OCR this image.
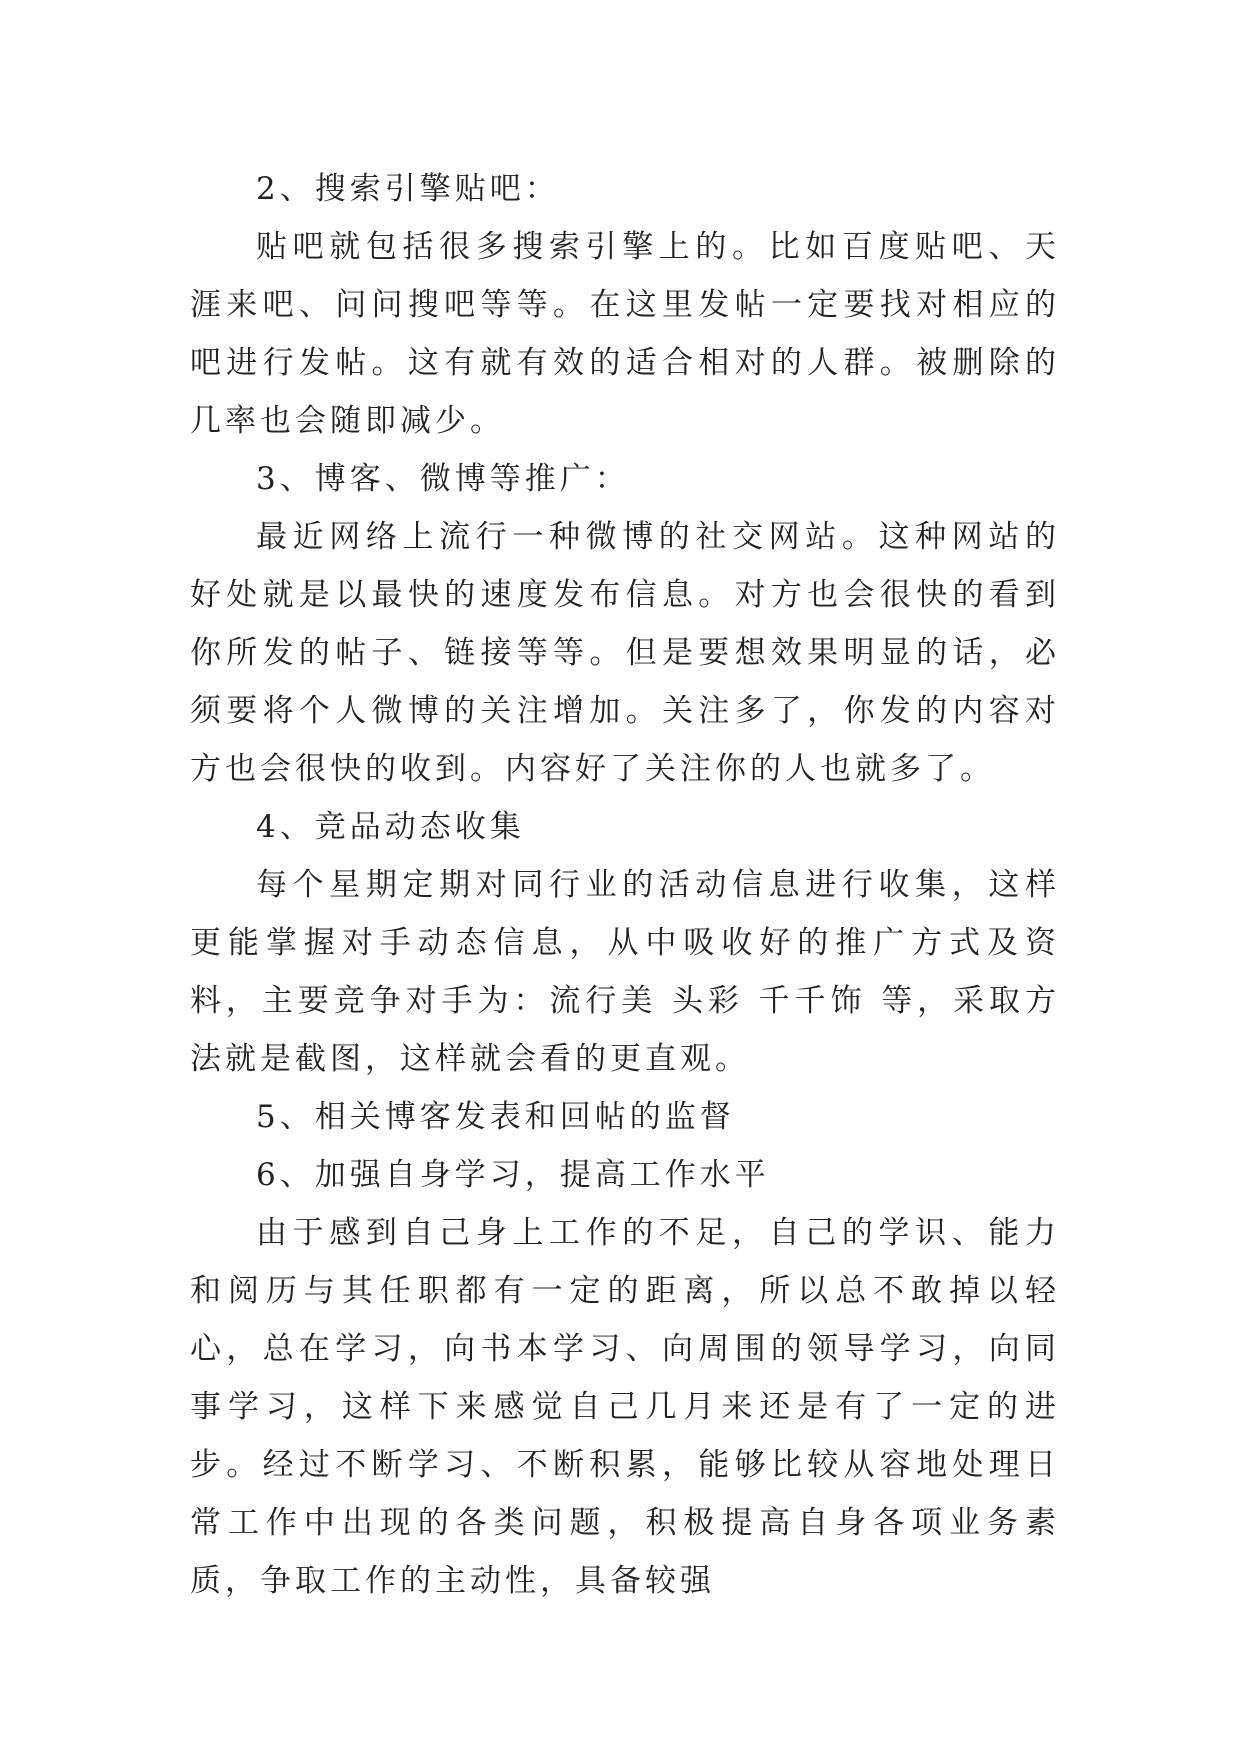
2、搜索引擎贴吧：

贴吧就包括很多搜索引擎上的。比如百度贴吧、天涯来吧、问问搜吧等等。在这里发帖一定要找对相应的吧进行发帖。这有就有效的适合相对的人群。被删除的几率也会随即减少。

3、博客、微博等推广：

最近网络上流行一种微博的社交网站。这种网站的好处就是以最快的速度发布信息。对方也会很快的看到你所发的帖子、链接等等。但是要想效果明显的话，必须要将个人微博的关注增加。关注多了，你发的内容对方也会很快的收到。内容好了关注你的人也就多了。

4、竞品动态收集

每个星期定期对同行业的活动信息进行收集，这样更能掌握对手动态信息，从中吸收好的推广方式及资料，主要竞争对手为：流行美 头彩 千千饰 等，采取方法就是截图，这样就会看的更直观。

5、相关博客发表和回帖的监督

6、加强自身学习，提高工作水平

由于感到自己身上工作的不足，自己的学识、能力和阅历与其任职都有一定的距离，所以总不敢掉以轻心，总在学习，向书本学习、向周围的领导学习，向同事学习，这样下来感觉自己几月来还是有了一定的进步。经过不断学习、不断积累，能够比较从容地处理日常工作中出现的各类问题，积极提高自身各项业务素质，争取工作的主动性，具备较强
